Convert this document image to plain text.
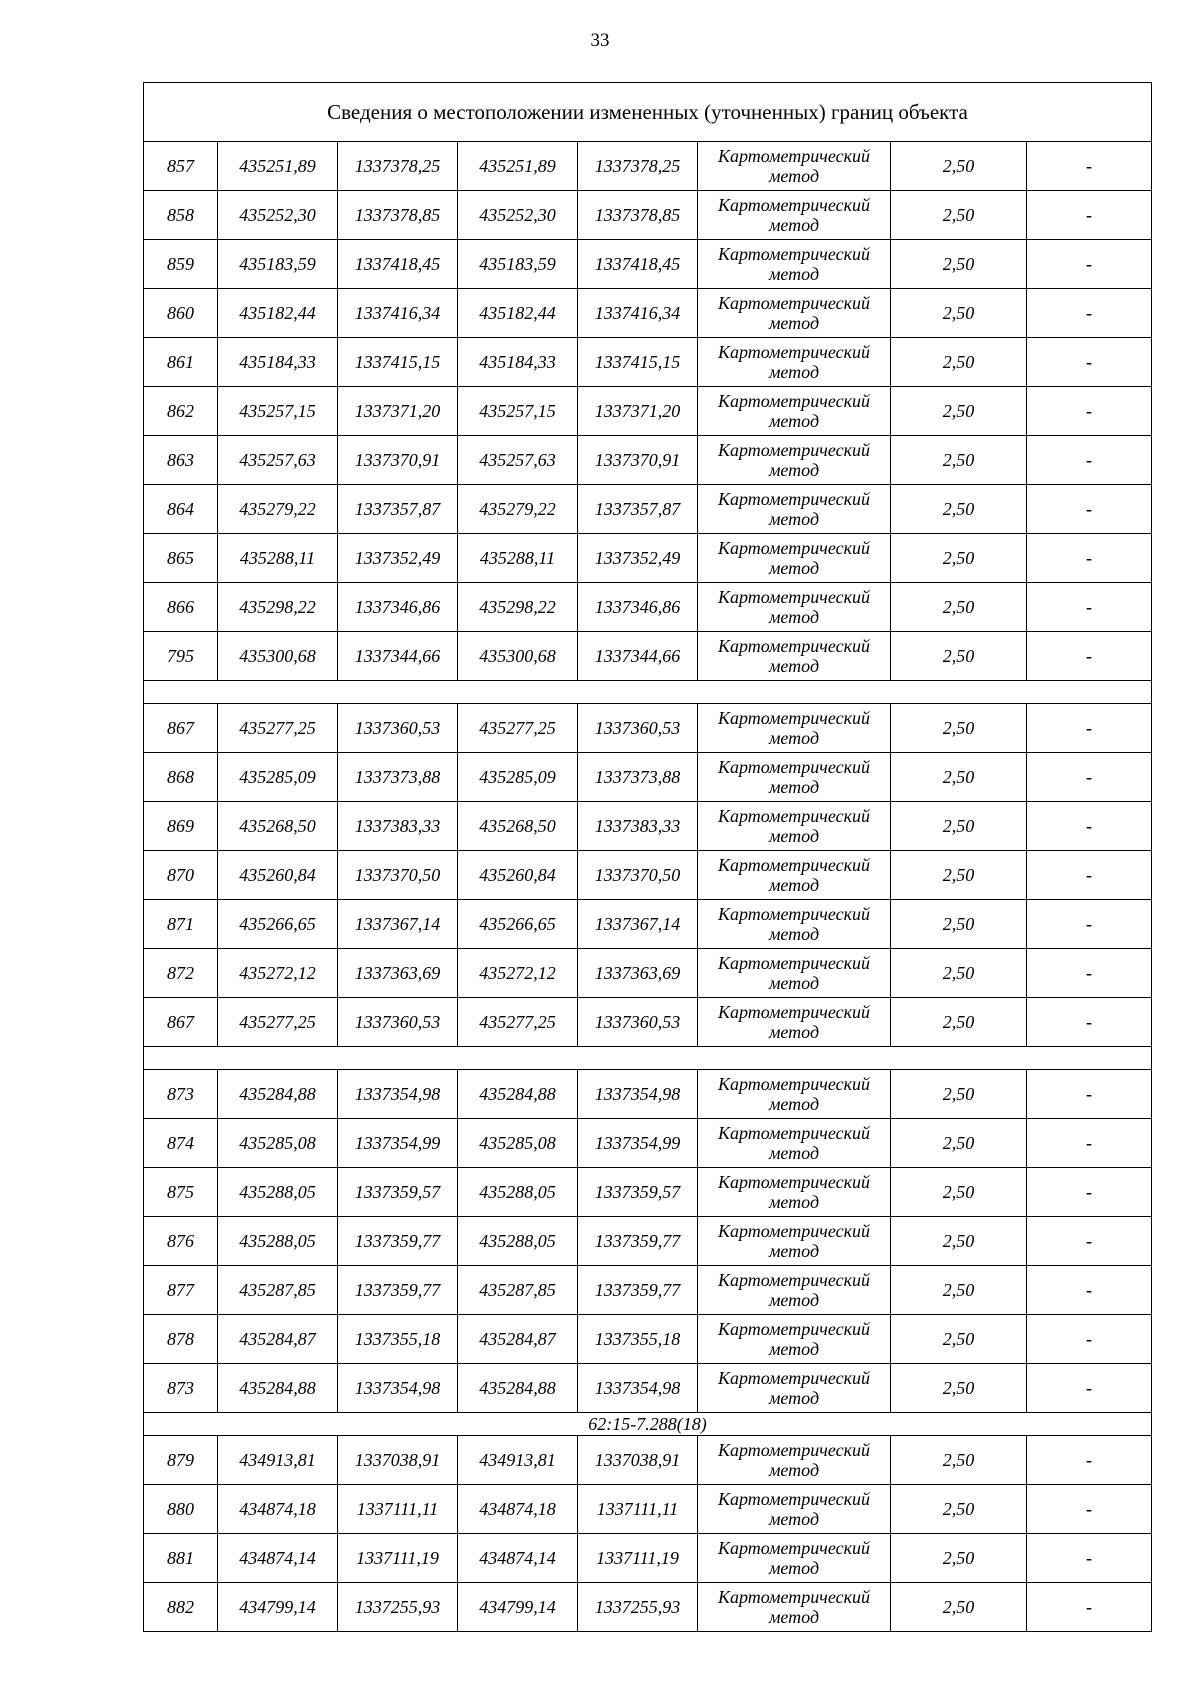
33
Сведения о местоположении измененных (уточненных) границ объекта							
857	435251,89	1337378,25	435251,89	1337378,25	Картометрический метод	2,50	-
858	435252,30	1337378,85	435252,30	1337378,85	Картометрический метод	2,50	-
859	435183,59	1337418,45	435183,59	1337418,45	Картометрический метод	2,50	-
860	435182,44	1337416,34	435182,44	1337416,34	Картометрический метод	2,50	-
861	435184,33	1337415,15	435184,33	1337415,15	Картометрический метод	2,50	-
862	435257,15	1337371,20	435257,15	1337371,20	Картометрический метод	2,50	-
863	435257,63	1337370,91	435257,63	1337370,91	Картометрический метод	2,50	-
864	435279,22	1337357,87	435279,22	1337357,87	Картометрический метод	2,50	-
865	435288,11	1337352,49	435288,11	1337352,49	Картометрический метод	2,50	-
866	435298,22	1337346,86	435298,22	1337346,86	Картометрический метод	2,50	-
795	435300,68	1337344,66	435300,68	1337344,66	Картометрический метод	2,50	-

867	435277,25	1337360,53	435277,25	1337360,53	Картометрический метод	2,50	-
868	435285,09	1337373,88	435285,09	1337373,88	Картометрический метод	2,50	-
869	435268,50	1337383,33	435268,50	1337383,33	Картометрический метод	2,50	-
870	435260,84	1337370,50	435260,84	1337370,50	Картометрический метод	2,50	-
871	435266,65	1337367,14	435266,65	1337367,14	Картометрический метод	2,50	-
872	435272,12	1337363,69	435272,12	1337363,69	Картометрический метод	2,50	-
867	435277,25	1337360,53	435277,25	1337360,53	Картометрический метод	2,50	-

873	435284,88	1337354,98	435284,88	1337354,98	Картометрический метод	2,50	-
874	435285,08	1337354,99	435285,08	1337354,99	Картометрический метод	2,50	-
875	435288,05	1337359,57	435288,05	1337359,57	Картометрический метод	2,50	-
876	435288,05	1337359,77	435288,05	1337359,77	Картометрический метод	2,50	-
877	435287,85	1337359,77	435287,85	1337359,77	Картометрический метод	2,50	-
878	435284,87	1337355,18	435284,87	1337355,18	Картометрический метод	2,50	-
873	435284,88	1337354,98	435284,88	1337354,98	Картометрический метод	2,50	-
62:15-7.288(18)							
879	434913,81	1337038,91	434913,81	1337038,91	Картометрический метод	2,50	-
880	434874,18	1337111,11	434874,18	1337111,11	Картометрический метод	2,50	-
881	434874,14	1337111,19	434874,14	1337111,19	Картометрический метод	2,50	-
882	434799,14	1337255,93	434799,14	1337255,93	Картометрический метод	2,50	-
